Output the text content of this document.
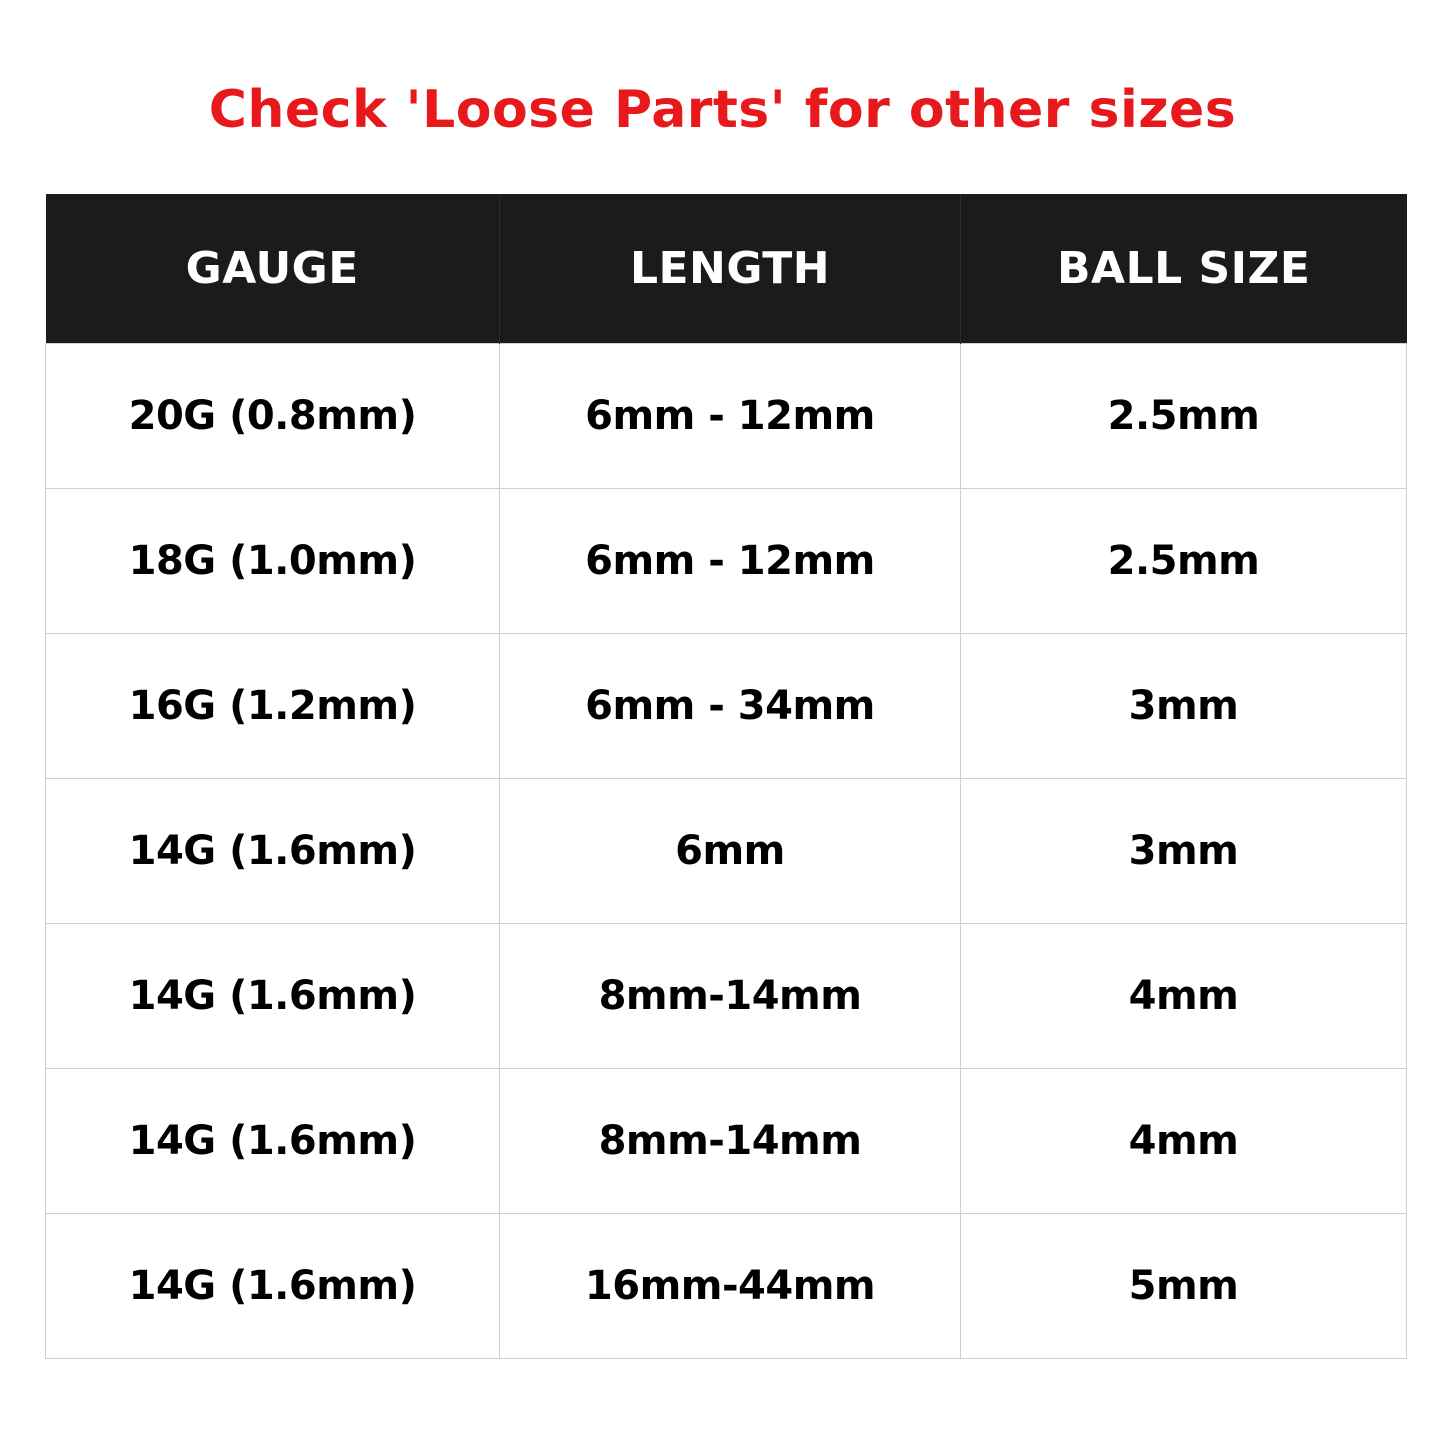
Check 'Loose Parts' for other sizes
GAUGE	LENGTH	BALL SIZE
20G (0.8mm)	6mm - 12mm	2.5mm
18G (1.0mm)	6mm - 12mm	2.5mm
16G (1.2mm)	6mm - 34mm	3mm
14G (1.6mm)	6mm	3mm
14G (1.6mm)	8mm-14mm	4mm
14G (1.6mm)	8mm-14mm	4mm
14G (1.6mm)	16mm-44mm	5mm
